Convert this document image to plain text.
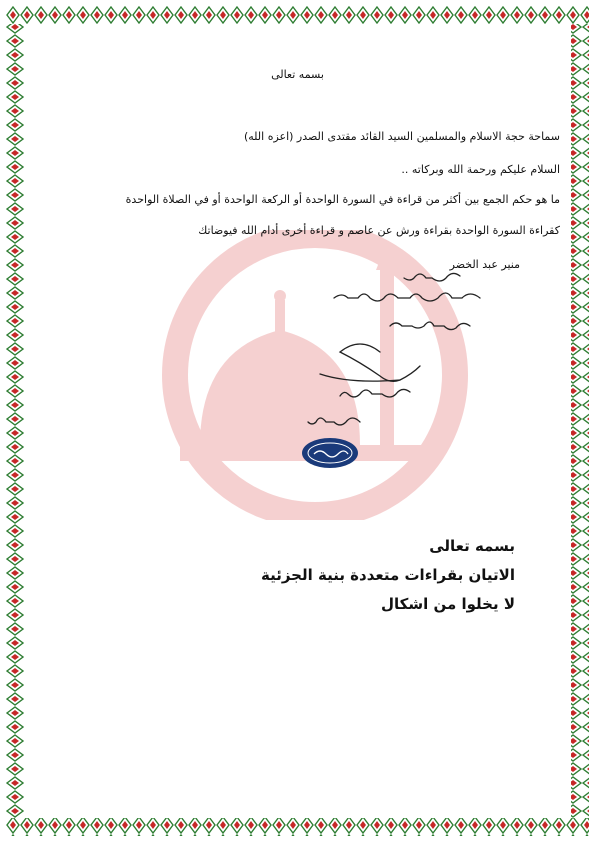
بسمه تعالى
سماحة حجة الاسلام والمسلمين السيد القائد مقتدى الصدر (اعزه الله)
السلام عليكم ورحمة الله وبركاته ..
ما هو حكم الجمع بين أكثر من قراءة في السورة الواحدة أو الركعة الواحدة أو في الصلاة الواحدة
كقراءة السورة الواحدة بقراءة ورش عن عاصم و قراءة أخرى أدام الله فيوضاتك
منير عبد الخضر
بسمه تعالى
الاتيان بقراءات متعددة بنية الجزئية
لا يخلوا من اشكال
